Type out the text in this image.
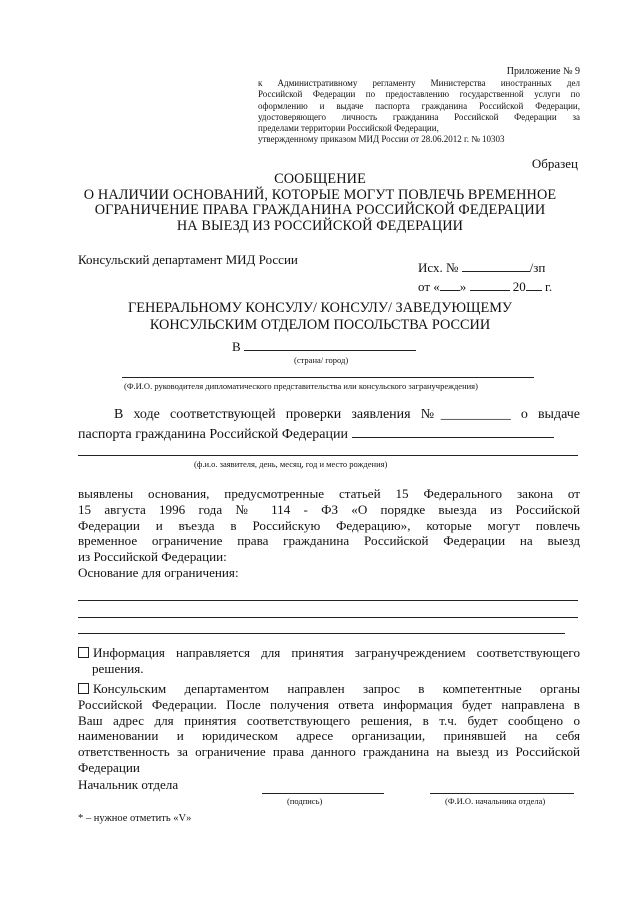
Приложение № 9
к Административному регламенту Министерства иностранных дел
Российской Федерации по предоставлению государственной услуги по
оформлению и выдаче паспорта гражданина Российской Федерации,
удостоверяющего личность гражданина Российской Федерации за
пределами территории Российской Федерации,
утвержденному приказом МИД России от 28.06.2012 г. № 10303
Образец
СООБЩЕНИЕ
О НАЛИЧИИ ОСНОВАНИЙ, КОТОРЫЕ МОГУТ ПОВЛЕЧЬ ВРЕМЕННОЕ
ОГРАНИЧЕНИЕ ПРАВА ГРАЖДАНИНА РОССИЙСКОЙ ФЕДЕРАЦИИ
НА ВЫЕЗД ИЗ РОССИЙСКОЙ ФЕДЕРАЦИИ
Консульский департамент МИД России
Исх. №	/зп
от « »	20 г.
ГЕНЕРАЛЬНОМУ КОНСУЛУ/ КОНСУЛУ/ ЗАВЕДУЮЩЕМУ
КОНСУЛЬСКИМ ОТДЕЛОМ ПОСОЛЬСТВА РОССИИ
В
(страна/ город)
(Ф.И.О. руководителя дипломатического представительства или консульского загранучреждения)
В ходе соответствующей проверки заявления №__________ о выдаче
паспорта гражданина Российской Федерации
(ф.и.о. заявителя, день, месяц, год и место рождения)
выявлены основания, предусмотренные статьей 15 Федерального закона от
15 августа 1996 года № 114 - ФЗ «О порядке выезда из Российской
Федерации и въезда в Российскую Федерацию», которые могут повлечь
временное ограничение права гражданина Российской Федерации на выезд
из Российской Федерации:
Основание для ограничения:
Информация направляется для принятия загранучреждением соответствующего
решения.
Консульским департаментом направлен запрос в компетентные органы
Российской Федерации. После получения ответа информация будет направлена в
Ваш адрес для принятия соответствующего решения, в т.ч. будет сообщено о
наименовании и юридическом адресе организации, принявшей на себя
ответственность за ограничение права данного гражданина на выезд из Российской
Федерации
Начальник отдела
(подпись)	(Ф.И.О. начальника отдела)
* – нужное отметить «V»
